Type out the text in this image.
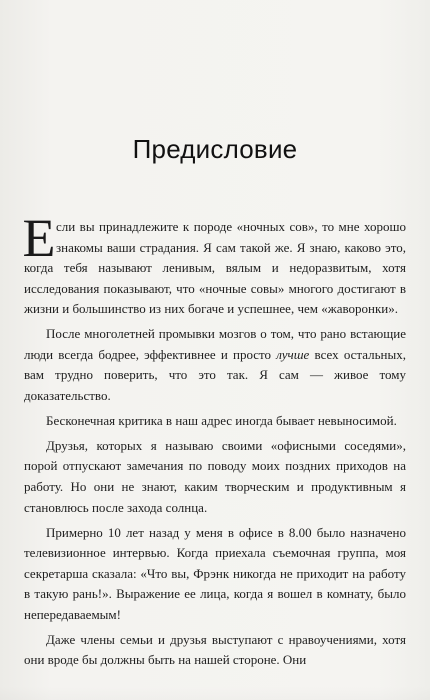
Предисловие

Е сли вы принадлежите к породе «ночных сов», то мне хорошо знакомы ваши страдания. Я сам такой же. Я знаю, каково это, когда тебя называют ленивым, вялым и недоразвитым, хотя исследования показывают, что «ночные совы» многого достигают в жизни и большинство из них богаче и успешнее, чем «жаворонки».

После многолетней промывки мозгов о том, что рано встающие люди всегда бодрее, эффективнее и просто лучше всех остальных, вам трудно поверить, что это так. Я сам — живое тому доказательство.

Бесконечная критика в наш адрес иногда бывает невыносимой.

Друзья, которых я называю своими «офисными соседями», порой отпускают замечания по поводу моих поздних приходов на работу. Но они не знают, каким творческим и продуктивным я становлюсь после захода солнца.

Примерно 10 лет назад у меня в офисе в 8.00 было назначено телевизионное интервью. Когда приехала съемочная группа, моя секретарша сказала: «Что вы, Фрэнк никогда не приходит на работу в такую рань!». Выражение ее лица, когда я вошел в комнату, было непередаваемым!

Даже члены семьи и друзья выступают с нравоучениями, хотя они вроде бы должны быть на нашей стороне. Они
